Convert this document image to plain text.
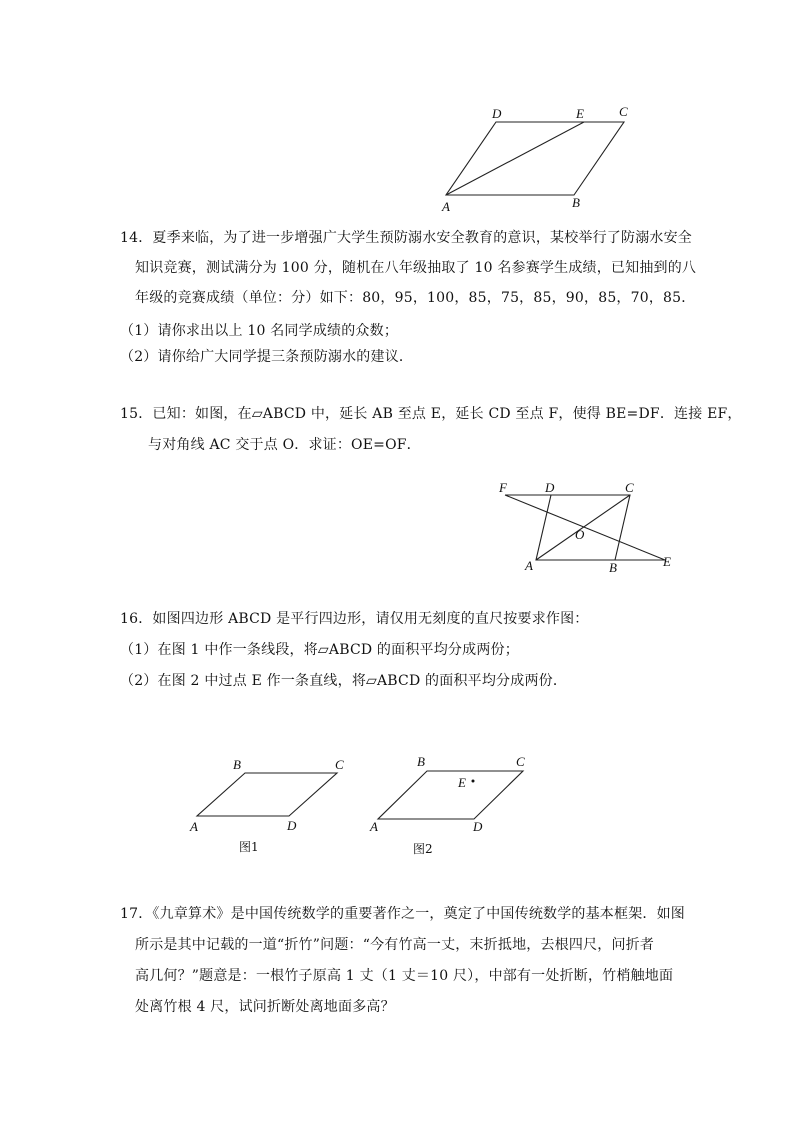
A	B
C
D	E
14．夏季来临，为了进一步增强广大学生预防溺水安全教育的意识，某校举行了防溺水安全
知识竞赛，测试满分为 100 分，随机在八年级抽取了 10 名参赛学生成绩，已知抽到的八
年级的竞赛成绩（单位：分）如下：80，95，100，85，75，85，90，85，70，85．
（1）请你求出以上 10 名同学成绩的众数；
（2）请你给广大同学提三条预防溺水的建议．
15．已知：如图，在▱ABCD 中，延长 AB 至点 E，延长 CD 至点 F，使得 BE=DF．连接 EF，
与对角线 AC 交于点 O．求证：OE=OF．
F	D	C
O
A	B	E
16．如图四边形 ABCD 是平行四边形，请仅用无刻度的直尺按要求作图：
（1）在图 1 中作一条线段，将▱ABCD 的面积平均分成两份；
（2）在图 2 中过点 E 作一条直线，将▱ABCD 的面积平均分成两份．
A
B	C
D
图1
A
B	C
D
E
图2
17．《九章算术》是中国传统数学的重要著作之一，奠定了中国传统数学的基本框架．如图
所示是其中记载的一道“折竹”问题：“今有竹高一丈，末折抵地，去根四尺，问折者
高几何？”题意是：一根竹子原高 1 丈（1 丈＝10 尺），中部有一处折断，竹梢触地面
处离竹根 4 尺，试问折断处离地面多高？
